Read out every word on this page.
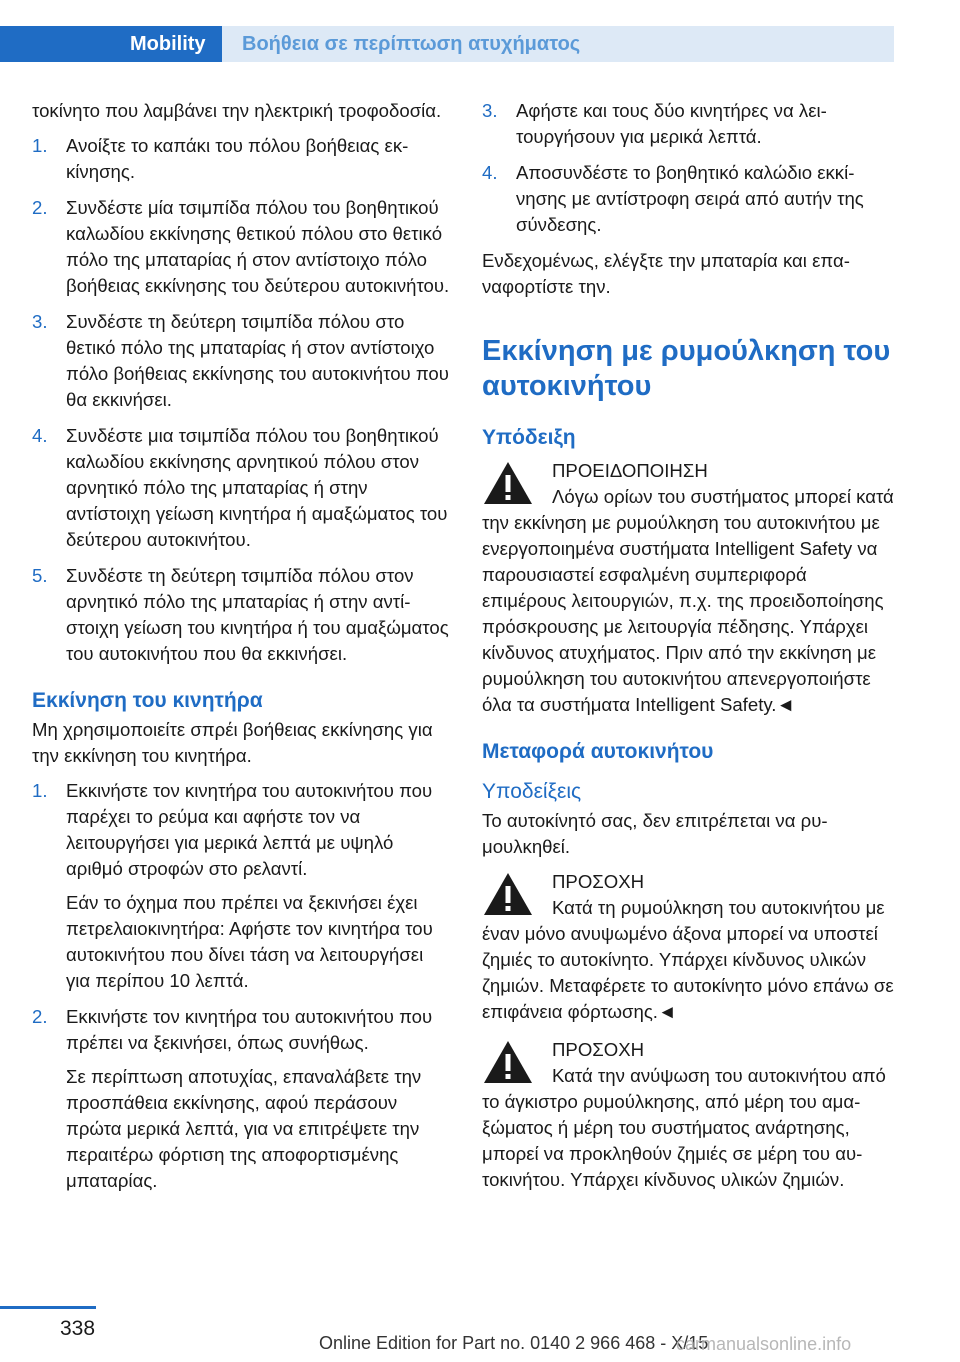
Mobility	Βοήθεια σε περίπτωση ατυχήματος

τοκίνητο που λαμβάνει την ηλεκτρική τροφοδοσία.

1. Ανοίξτε το καπάκι του πόλου βοήθειας εκκίνησης.
2. Συνδέστε μία τσιμπίδα πόλου του βοηθητικού καλωδίου εκκίνησης θετικού πόλου στο θετικό πόλο της μπαταρίας ή στον αντίστοιχο πόλο βοήθειας εκκίνησης του δεύτερου αυτοκινήτου.
3. Συνδέστε τη δεύτερη τσιμπίδα πόλου στο θετικό πόλο της μπαταρίας ή στον αντίστοιχο πόλο βοήθειας εκκίνησης του αυτοκινήτου που θα εκκινήσει.
4. Συνδέστε μια τσιμπίδα πόλου του βοηθητικού καλωδίου εκκίνησης αρνητικού πόλου στον αρνητικό πόλο της μπαταρίας ή στην αντίστοιχη γείωση κινητήρα ή αμαξώματος του δεύτερου αυτοκινήτου.
5. Συνδέστε τη δεύτερη τσιμπίδα πόλου στον αρνητικό πόλο της μπαταρίας ή στην αντίστοιχη γείωση του κινητήρα ή του αμαξώματος του αυτοκινήτου που θα εκκινήσει.
Εκκίνηση του κινητήρα

Μη χρησιμοποιείτε σπρέι βοήθειας εκκίνησης για την εκκίνηση του κινητήρα.

1. Εκκινήστε τον κινητήρα του αυτοκινήτου που παρέχει το ρεύμα και αφήστε τον να λειτουργήσει για μερικά λεπτά με υψηλό αριθμό στροφών στο ρελαντί.
Εάν το όχημα που πρέπει να ξεκινήσει έχει πετρελαιοκινητήρα: Αφήστε τον κινητήρα του αυτοκινήτου που δίνει τάση να λειτουργήσει για περίπου 10 λεπτά.
2. Εκκινήστε τον κινητήρα του αυτοκινήτου που πρέπει να ξεκινήσει, όπως συνήθως.
Σε περίπτωση αποτυχίας, επαναλάβετε την προσπάθεια εκκίνησης, αφού περάσουν πρώτα μερικά λεπτά, για να επιτρέψετε την περαιτέρω φόρτιση της αποφορτισμένης μπαταρίας.
3. Αφήστε και τους δύο κινητήρες να λειτουργήσουν για μερικά λεπτά.
4. Αποσυνδέστε το βοηθητικό καλώδιο εκκίνησης με αντίστροφη σειρά από αυτήν της σύνδεσης.

Ενδεχομένως, ελέγξτε την μπαταρία και επαναφορτίστε την.

Εκκίνηση με ρυμούλκηση του αυτοκινήτου
Υπόδειξη
ΠΡΟΕΙΔΟΠΟΙΗΣΗ
Λόγω ορίων του συστήματος μπορεί κατά την εκκίνηση με ρυμούλκηση του αυτοκινήτου με ενεργοποιημένα συστήματα Intelligent Safety να παρουσιαστεί εσφαλμένη συμπεριφορά επιμέρους λειτουργιών, π.χ. της προειδοποίησης πρόσκρουσης με λειτουργία πέδησης. Υπάρχει κίνδυνος ατυχήματος. Πριν από την εκκίνηση με ρυμούλκηση του αυτοκινήτου απενεργοποιήστε όλα τα συστήματα Intelligent Safety.◄
Μεταφορά αυτοκινήτου
Υποδείξεις

Το αυτοκίνητό σας, δεν επιτρέπεται να ρυμουλκηθεί.

ΠΡΟΣΟΧΗ
Κατά τη ρυμούλκηση του αυτοκινήτου με έναν μόνο ανυψωμένο άξονα μπορεί να υποστεί ζημιές το αυτοκίνητο. Υπάρχει κίνδυνος υλικών ζημιών. Μεταφέρετε το αυτοκίνητο μόνο επάνω σε επιφάνεια φόρτωσης.◄
ΠΡΟΣΟΧΗ
Κατά την ανύψωση του αυτοκινήτου από το άγκιστρο ρυμούλκησης, από μέρη του αμαξώματος ή μέρη του συστήματος ανάρτησης, μπορεί να προκληθούν ζημιές σε μέρη του αυτοκινήτου. Υπάρχει κίνδυνος υλικών ζημιών.
338
Online Edition for Part no. 0140 2 966 468 - X/15
carmanualsonline.info
